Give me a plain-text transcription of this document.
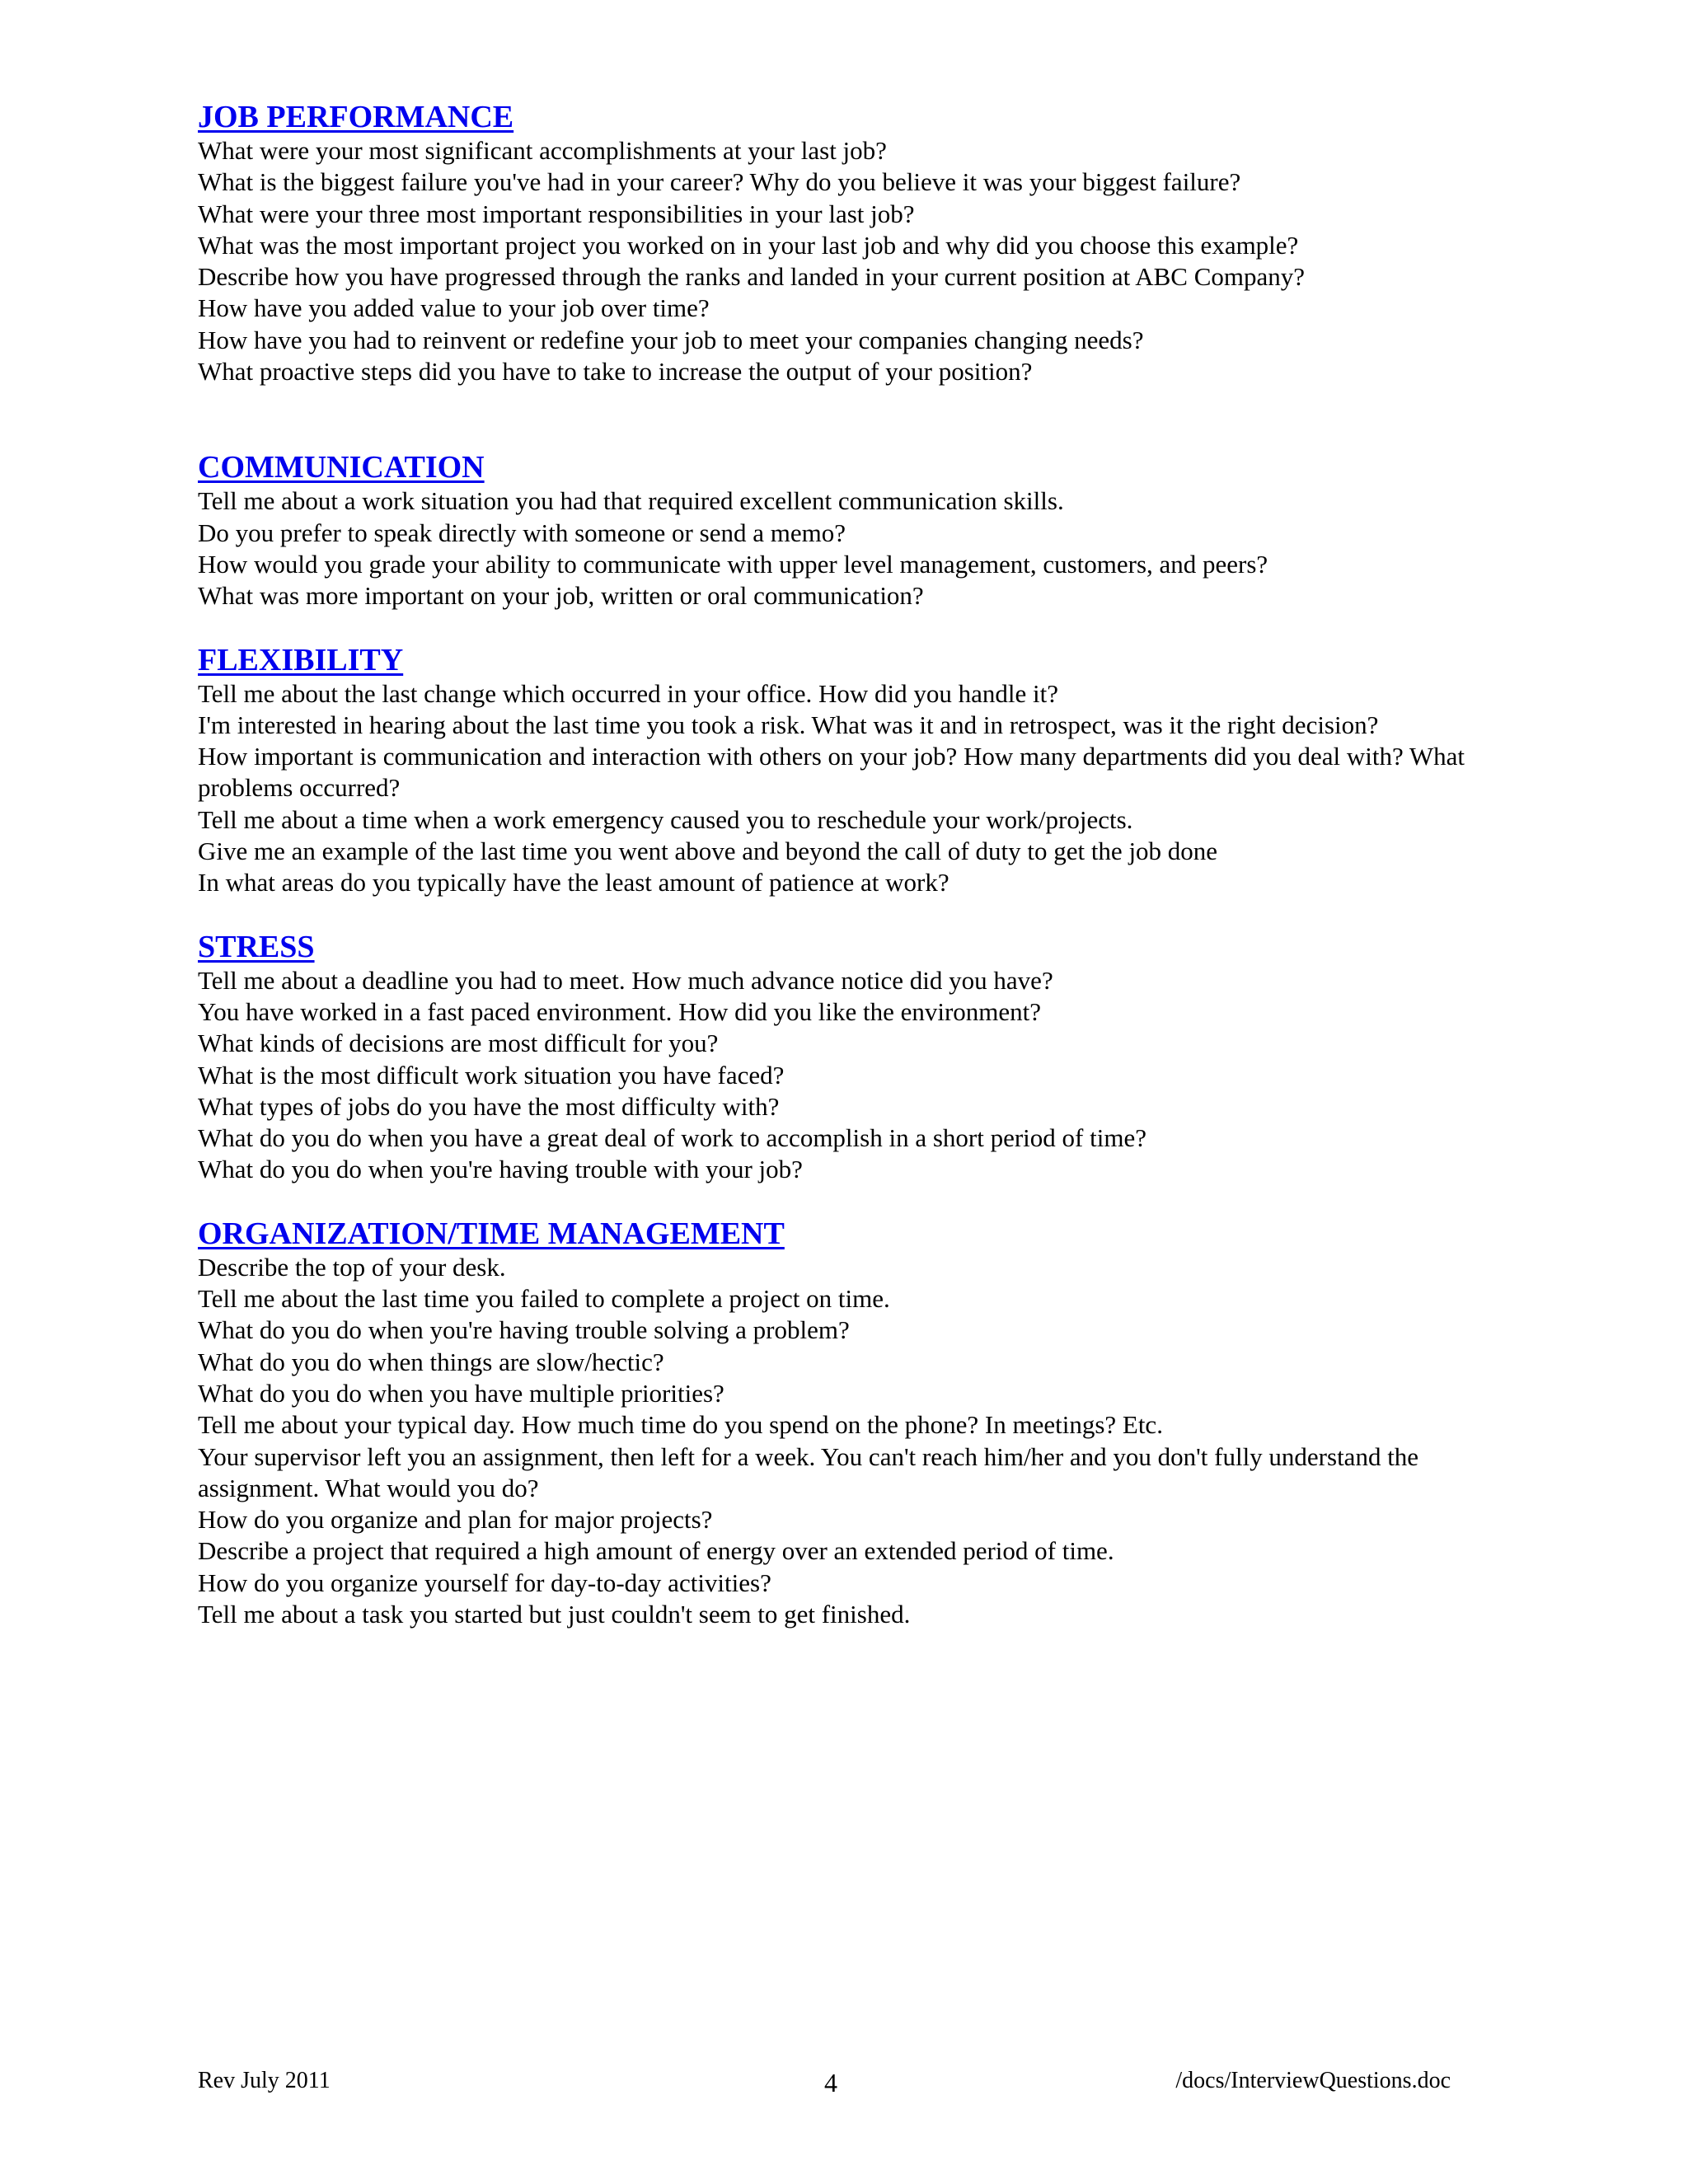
JOB PERFORMANCE
What were your most significant accomplishments at your last job?
What is the biggest failure you've had in your career? Why do you believe it was your biggest failure?
What were your three most important responsibilities in your last job?
What was the most important project you worked on in your last job and why did you choose this example?
Describe how you have progressed through the ranks and landed in your current position at ABC Company?
How have you added value to your job over time?
How have you had to reinvent or redefine your job to meet your companies changing needs?
What proactive steps did you have to take to increase the output of your position?
COMMUNICATION
Tell me about a work situation you had that required excellent communication skills.
Do you prefer to speak directly with someone or send a memo?
How would you grade your ability to communicate with upper level management, customers, and peers?
What was more important on your job, written or oral communication?
FLEXIBILITY
Tell me about the last change which occurred in your office. How did you handle it?
I'm interested in hearing about the last time you took a risk. What was it and in retrospect, was it the right decision?
How important is communication and interaction with others on your job? How many departments did you deal with? What problems occurred?
Tell me about a time when a work emergency caused you to reschedule your work/projects.
Give me an example of the last time you went above and beyond the call of duty to get the job done
In what areas do you typically have the least amount of patience at work?
STRESS
Tell me about a deadline you had to meet. How much advance notice did you have?
You have worked in a fast paced environment. How did you like the environment?
What kinds of decisions are most difficult for you?
What is the most difficult work situation you have faced?
What types of jobs do you have the most difficulty with?
What do you do when you have a great deal of work to accomplish in a short period of time?
What do you do when you're having trouble with your job?
ORGANIZATION/TIME MANAGEMENT
Describe the top of your desk.
Tell me about the last time you failed to complete a project on time.
What do you do when you're having trouble solving a problem?
What do you do when things are slow/hectic?
What do you do when you have multiple priorities?
Tell me about your typical day. How much time do you spend on the phone? In meetings? Etc.
Your supervisor left you an assignment, then left for a week. You can't reach him/her and you don't fully understand the assignment. What would you do?
How do you organize and plan for major projects?
Describe a project that required a high amount of energy over an extended period of time.
How do you organize yourself for day-to-day activities?
Tell me about a task you started but just couldn't seem to get finished.
Rev July 2011	4	/docs/InterviewQuestions.doc
